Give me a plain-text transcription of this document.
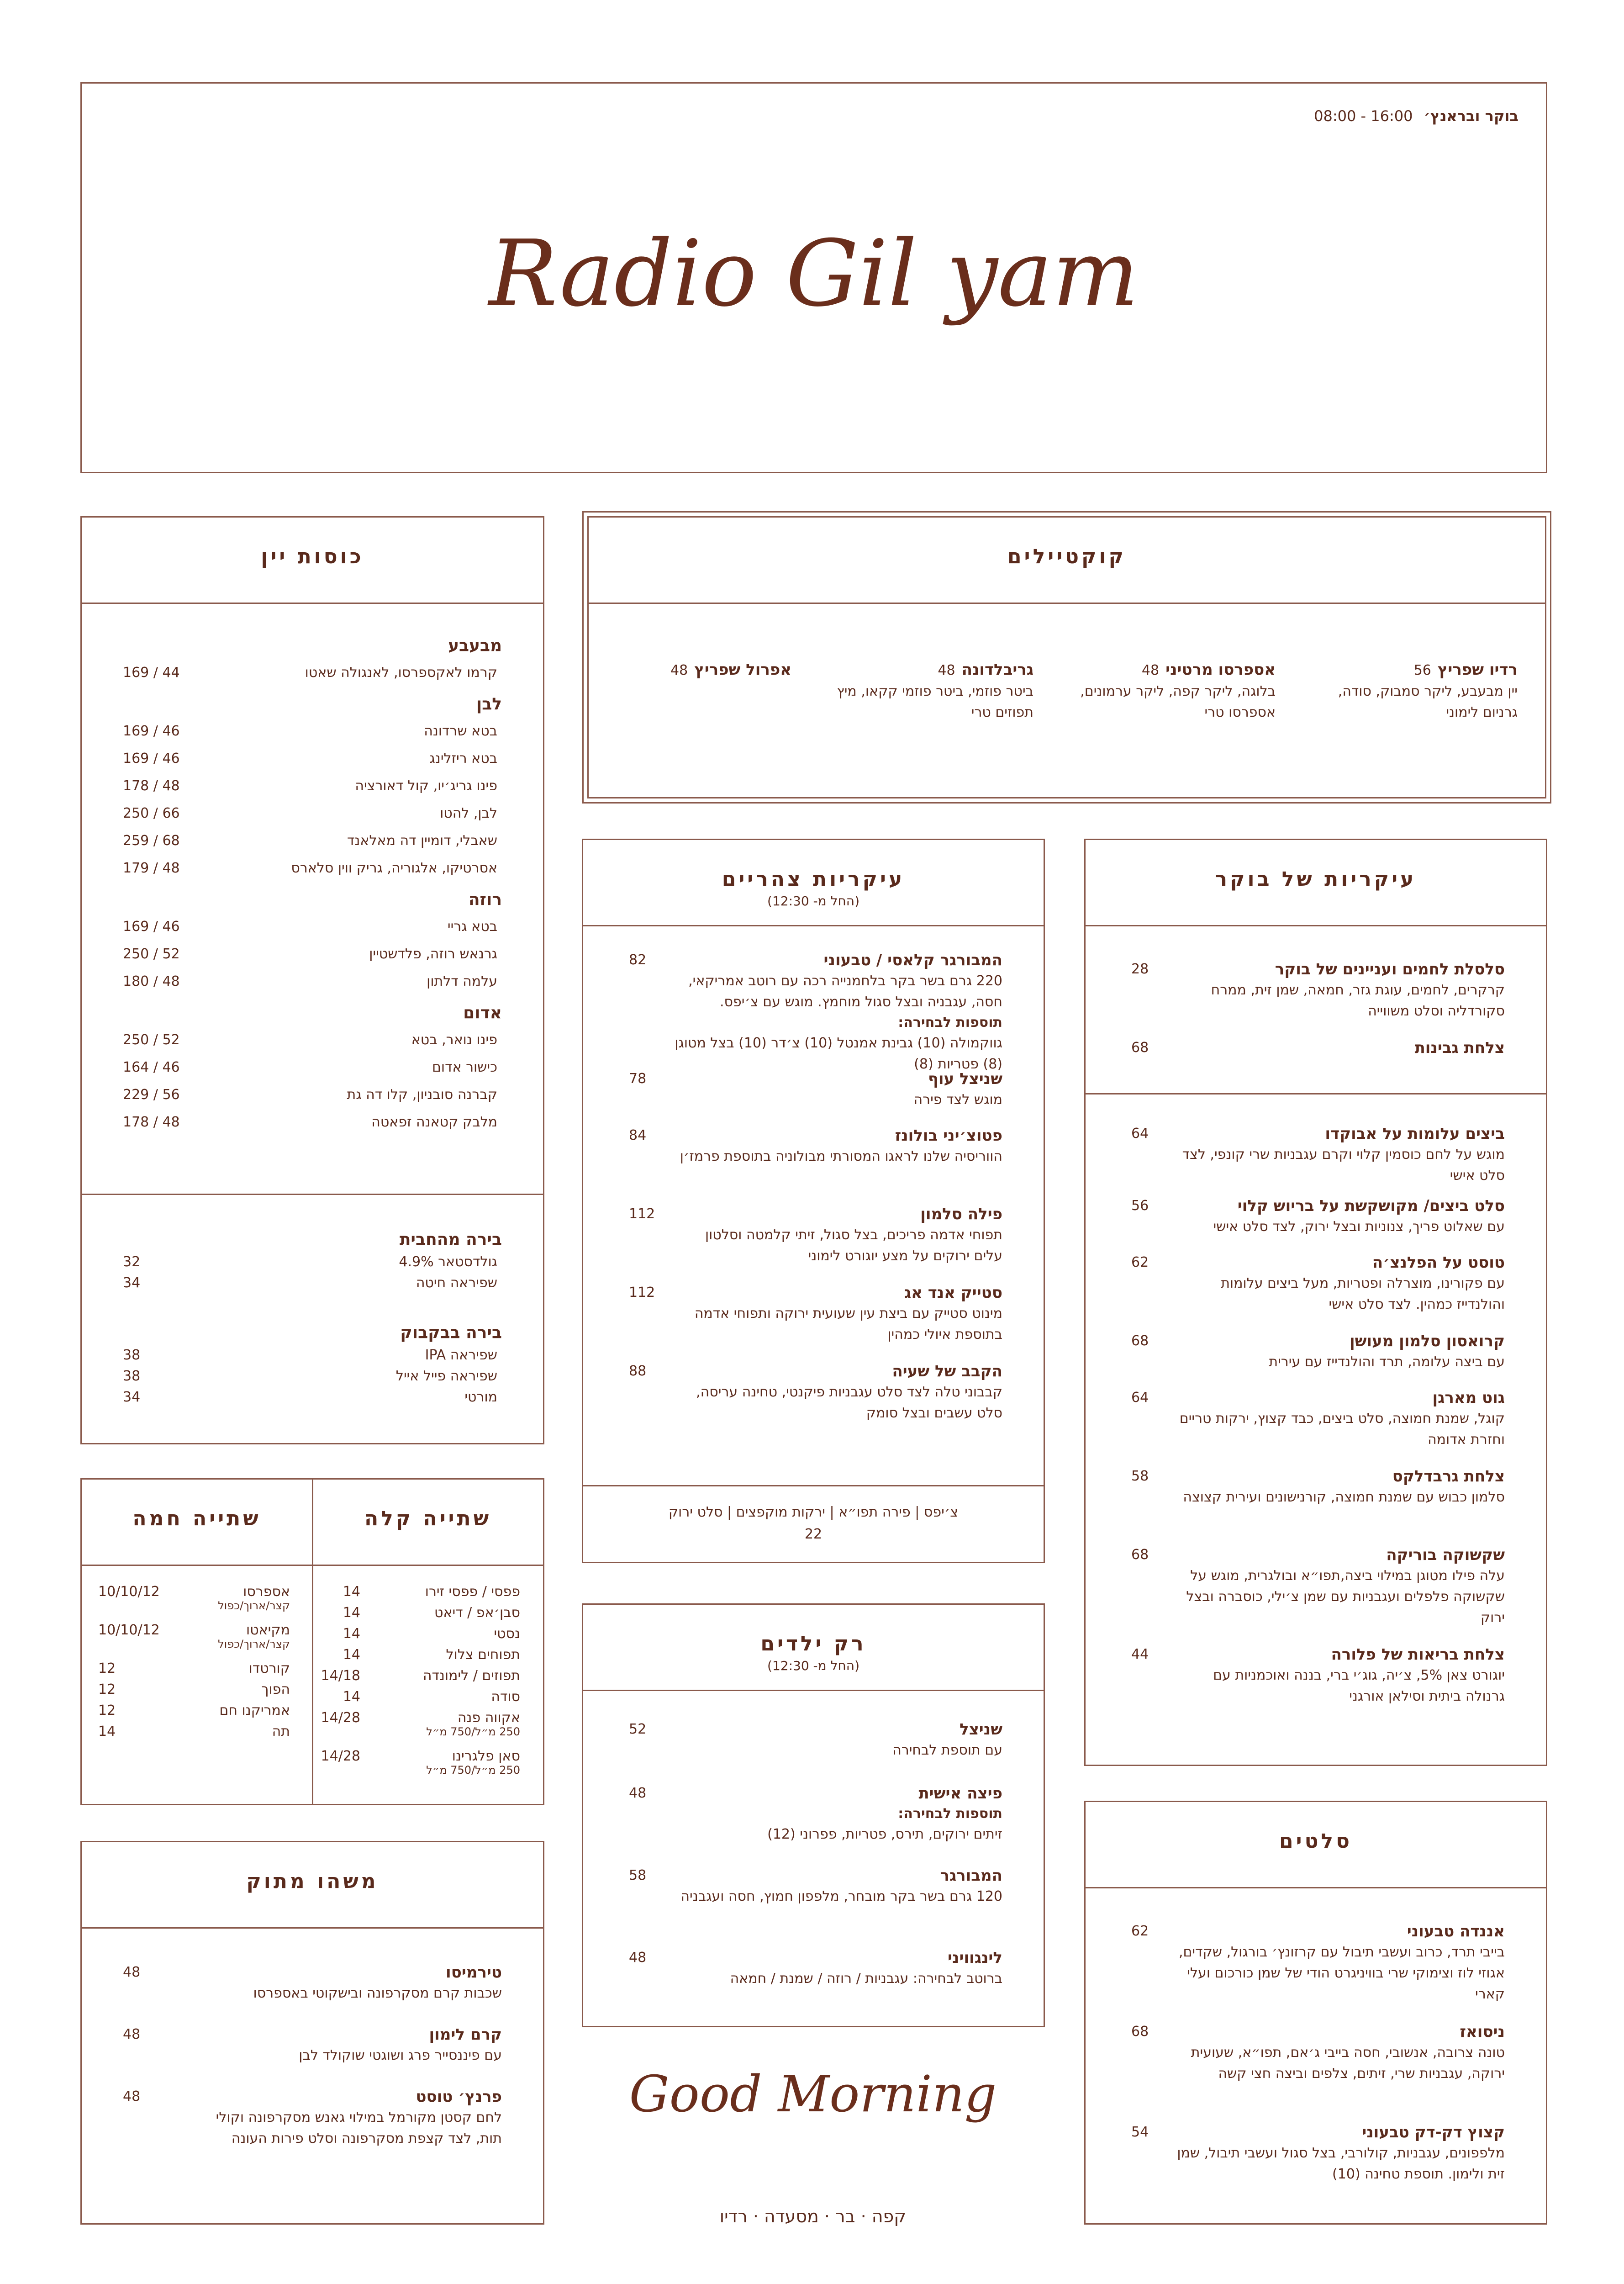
בוקר ובראנץ׳ 16:00 - 08:00
Radio Gil yam
קוקטיילים
רדיו שפריץ56
יין מבעבע, ליקר סמבוק, סודה, גרניום לימוני
אספרסו מרטיני48
בלוגה, ליקר קפה, ליקר ערמונים, אספרסו טרי
גריבלדונה48
ביטר פוזמי, ביטר פוזמי קקאו, מיץ תפוזים טרי
אפרול שפריץ48
כוסות יין
מבעבע
קרמו לאקספרסו, לאנגולה שאטו
169 / 44
לבן
בטא שרדונה
169 / 46
בטא ריזלינג
169 / 46
פינו גריג׳יו, קול דאורציה
178 / 48
לבן, להטו
250 / 66
שאבלי, דומיין דה מאלאנד
259 / 68
אסרטיקו, אלגוריה, גריק ווין סלארס
179 / 48
רוזה
בטא גריי
169 / 46
גרנאש רוזה, פלדשטיין
250 / 52
עלמה דלתון
180 / 48
אדום
פינו נואר, בטא
250 / 52
כישור אדום
164 / 46
קברנה סובניון, קלו דה גת
229 / 56
מלבק קטאנה זפאטה
178 / 48
בירה מהחבית
גולדסטאר 4.9%
32
שפיראה חיטה
34
בירה בבקבוק
שפיראה IPA
38
שפיראה פייל אייל
38
מורטי
34
שתייה קלה
שתייה חמה
פפסי / פפסי זירו
14
סבן׳אפ / דיאט
14
נסטי
14
תפוחים צלול
14
תפוזים / לימונדה
14/18
סודה
14
אקווה פנה
14/28
250 מ״ל/750 מ״ל
סאן פלגרינו
14/28
250 מ״ל/750 מ״ל
אספרסו
10/10/12
קצר/ארוך/כפול
מקיאטו
10/10/12
קצר/ארוך/כפול
קורטדו
12
הפוך
12
אמריקנו חם
12
תה
14
משהו מתוק
טירמיסו
שכבות קרם מסקרפונה ובישקוטי באספרסו
48
קרם לימון
עם פיננסייר פרג ושוגטי שוקולד לבן
48
פרנץ׳ טוסט
לחם קסטן מקורמל במילוי גאנש מסקרפונה וקולי תות, לצד קצפת מסקרפונה וסלט פירות העונה
48
עיקריות צהריים
(החל מ- 12:30)
המבורגר קלאסי / טבעוני
220 גרם בשר בקר בלחמנייה רכה עם רוטב אמריקאי, חסה, עגבניה ובצל סגול מוחמץ. מוגש עם צ׳יפס.
תוספות לבחירה:
גווקמולה (10) גבינת אמנטל (10) צ׳דר (10) בצל מטוגן (8) פטריות (8)
82
שניצל עוף
מוגש לצד פירה
78
פטוצ׳יני בולונז
הווריסיה שלנו לראגו המסורתי מבולוניה בתוספת פרמז׳ן
84
פילה סלמון
תפוחי אדמה פריכים, בצל סגול, זיתי קלמטה וסלטון עלים ירוקים על מצע יוגורט לימוני
112
סטייק אנד אג
מינוט סטייק עם ביצת עין שעועית ירוקה ותפוחי אדמה בתוספת איולי כמהין
112
הקבב של שעיה
קבבוני טלה לצד סלט עגבניות פיקנטי, טחינה עריסה, סלט עשבים ובצל סומק
88
צ׳יפס | פירה תפו״א | ירקות מוקפצים | סלט ירוק
22
רק ילדים
(החל מ- 12:30)
שניצל
עם תוספת לבחירה
52
פיצה אישית
תוספות לבחירה:
זיתים ירוקים, תירס, פטריות, פפרוני (12)
48
המבורגר
120 גרם בשר בקר מובחר, מלפפון חמוץ, חסה ועגבניה
58
לינגוויני
ברוטב לבחירה: עגבניות / רוזה / שמנת / חמאה
48
עיקריות של בוקר
סלסלת לחמים ועניינים של בוקר
קרקרים, לחמים, עוגת גזר, חמאה, שמן זית, ממרח סקורדליה וסלט משווייה
28
צלחת גבינות
68
ביצים עלומות על אבוקדו
מוגש על לחם כוסמין קלוי וקרם עגבניות שרי קונפי, לצד סלט אישי
64
סלט ביצים/ מקושקשת על בריוש קלוי
עם שאלוט פריך, צנוניות ובצל ירוק, לצד סלט אישי
56
טוסט על הפלנצ׳ה
עם פקורינו, מוצרלה ופטריות, מעל ביצים עלומות והולנדייז כמהין. לצד סלט אישי
62
קרואסון סלמון מעושן
עם ביצה עלומה, תרד והולנדייז עם עירית
68
גוט מארגן
קוגל, שמנת חמוצה, סלט ביצים, כבד קצוץ, ירקות טריים וחזרת אדומה
64
צלחת גרבדלקס
סלמון כבוש עם שמנת חמוצה, קורנישונים ועירית קצוצה
58
שקשוקה בוריקה
עלה פילו מטוגן במילוי ביצה,תפו״א ובולגרית, מוגש על שקשוקה פלפלים ועגבניות עם שמן צ׳ילי, כוסברה ובצל ירוק
68
צלחת בריאות של פלורה
יוגורט צאן 5%, צ׳יה, גוג׳י ברי, בננה ואוכמניות עם גרנולה ביתית וסילאן אורגני
44
סלטים
אננדה טבעוני
בייבי תרד, כרוב ועשבי תיבול עם קרזונץ׳ בורגול, שקדים, אגוזי לוז וצימוקי שרי בוויניגרט הודי של שמן כורכום ועלי קארי
62
ניסואז
טונה צרובה, אנשובי, חסה בייבי ג׳אם, תפו״א, שעועית ירוקה, עגבניות שרי, זיתים, צלפים וביצה חצי קשה
68
קצוץ דק-דק טבעוני
מלפפונים, עגבניות, קולורבי, בצל סגול ועשבי תיבול, שמן זית ולימון. תוספת טחינה (10)
54
Good Morning
קפה · בר · מסעדה · רדיו
